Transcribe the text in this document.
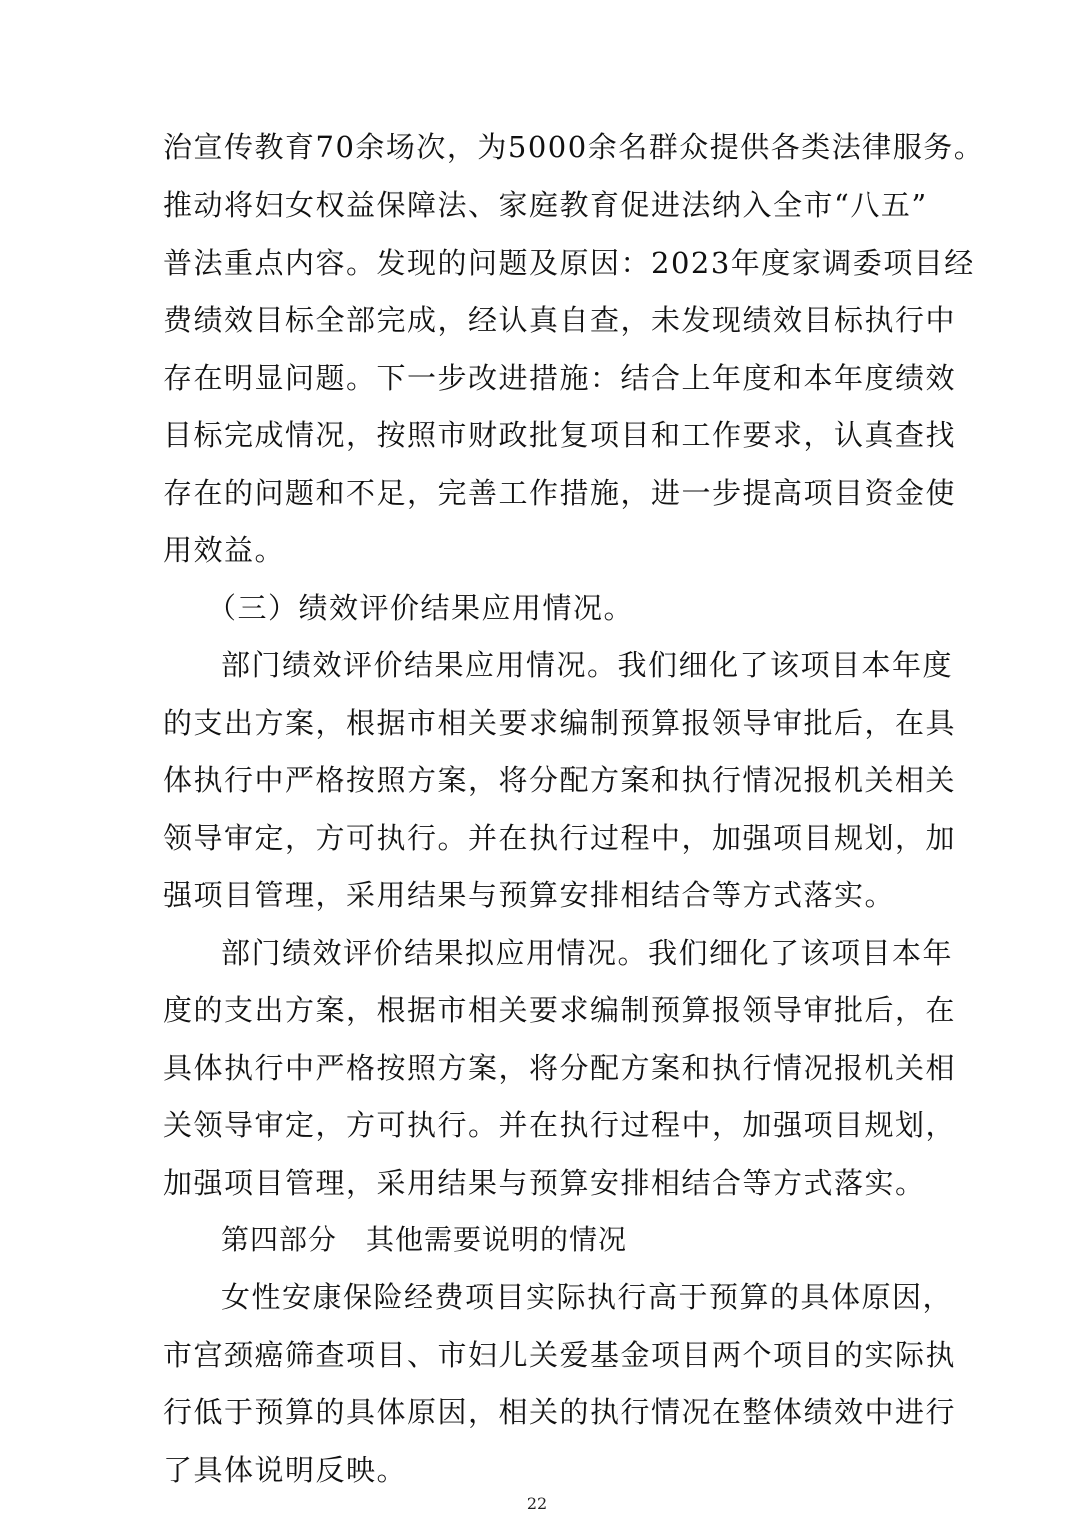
治宣传教育70余场次，为5000余名群众提供各类法律服务。
推动将妇女权益保障法、家庭教育促进法纳入全市“八五”
普法重点内容。发现的问题及原因：2023年度家调委项目经
费绩效目标全部完成，经认真自查，未发现绩效目标执行中
存在明显问题。下一步改进措施：结合上年度和本年度绩效
目标完成情况，按照市财政批复项目和工作要求，认真查找
存在的问题和不足，完善工作措施，进一步提高项目资金使
用效益。
（三）绩效评价结果应用情况。
部门绩效评价结果应用情况。我们细化了该项目本年度
的支出方案，根据市相关要求编制预算报领导审批后，在具
体执行中严格按照方案，将分配方案和执行情况报机关相关
领导审定，方可执行。并在执行过程中，加强项目规划，加
强项目管理，采用结果与预算安排相结合等方式落实。
部门绩效评价结果拟应用情况。我们细化了该项目本年
度的支出方案，根据市相关要求编制预算报领导审批后，在
具体执行中严格按照方案，将分配方案和执行情况报机关相
关领导审定，方可执行。并在执行过程中，加强项目规划，
加强项目管理，采用结果与预算安排相结合等方式落实。
第四部分　其他需要说明的情况
女性安康保险经费项目实际执行高于预算的具体原因，
市宫颈癌筛查项目、市妇儿关爱基金项目两个项目的实际执
行低于预算的具体原因，相关的执行情况在整体绩效中进行
了具体说明反映。
22
